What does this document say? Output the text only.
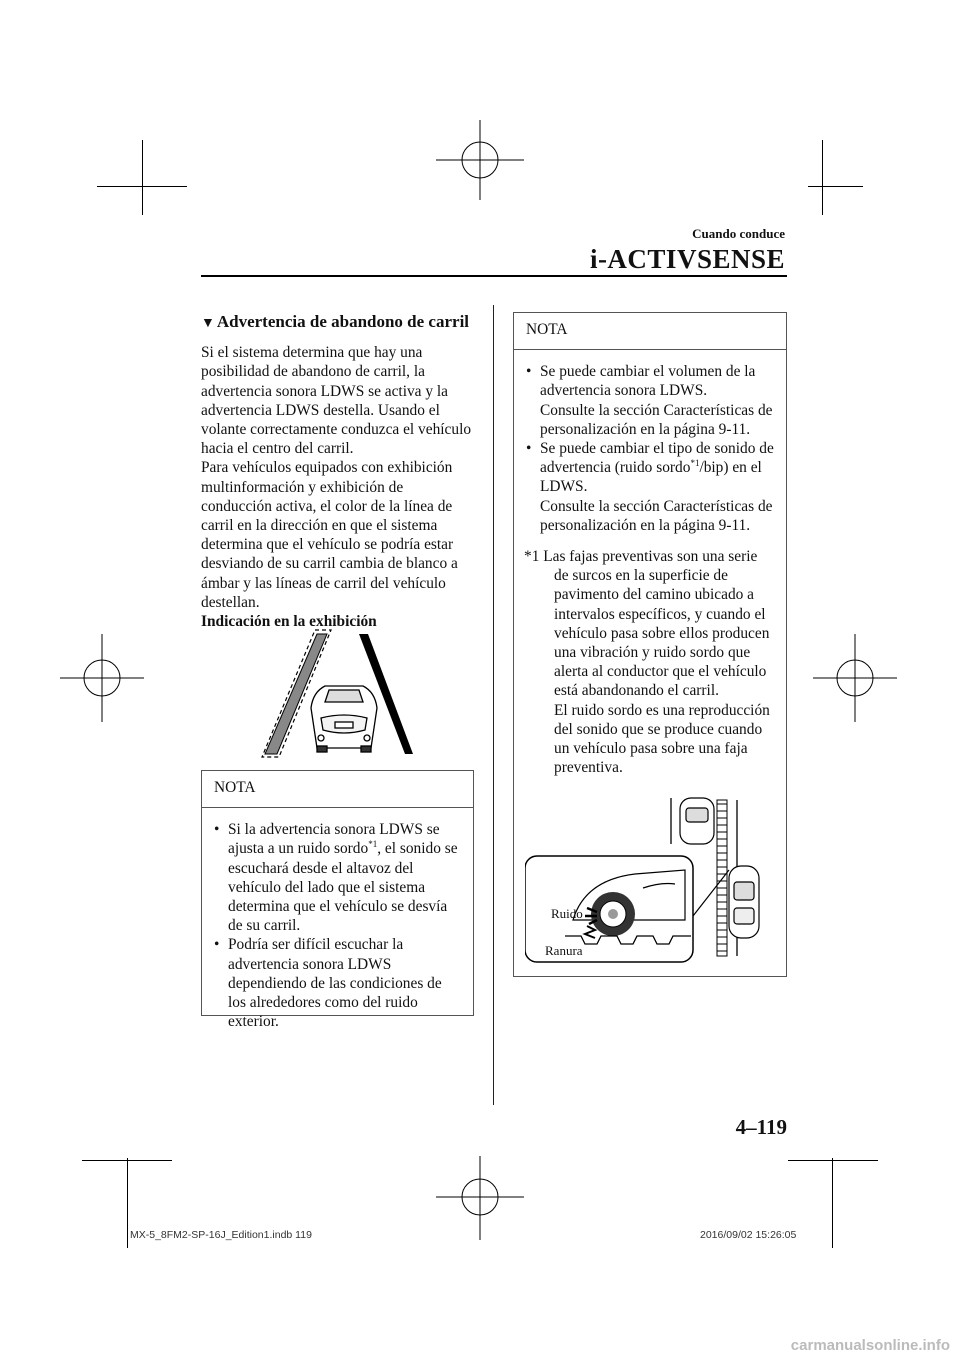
Cuando conduce
i-ACTIVSENSE
▼ Advertencia de abandono de carril

Si el sistema determina que hay una posibilidad de abandono de carril, la advertencia sonora LDWS se activa y la advertencia LDWS destella. Usando el volante correctamente conduzca el vehículo hacia el centro del carril.
Para vehículos equipados con exhibición multinformación y exhibición de conducción activa, el color de la línea de carril en la dirección en que el sistema determina que el vehículo se podría estar desviando de su carril cambia de blanco a ámbar y las líneas de carril del vehículo destellan.

Indicación en la exhibición

NOTA
• Si la advertencia sonora LDWS se ajusta a un ruido sordo$^{*1}$, el sonido se escuchará desde el altavoz del vehículo del lado que el sistema determina que el vehículo se desvía de su carril.
• Podría ser difícil escuchar la advertencia sonora LDWS dependiendo de las condiciones de los alrededores como del ruido exterior.
NOTA
• Se puede cambiar el volumen de la advertencia sonora LDWS.
Consulte la sección Características de personalización en la página 9-11.
• Se puede cambiar el tipo de sonido de advertencia (ruido sordo$^{*1}$/bip) en el LDWS.
Consulte la sección Características de personalización en la página 9-11.

*1 Las fajas preventivas son una serie de surcos en la superficie de pavimento del camino ubicado a intervalos específicos, y cuando el vehículo pasa sobre ellos producen una vibración y ruido sordo que alerta al conductor que el vehículo está abandonando el carril.
El ruido sordo es una reproducción del sonido que se produce cuando un vehículo pasa sobre una faja preventiva.

Ruido
Ranura
4–119
MX-5_8FM2-SP-16J_Edition1.indb 119	2016/09/02 15:26:05
carmanualsonline.info
